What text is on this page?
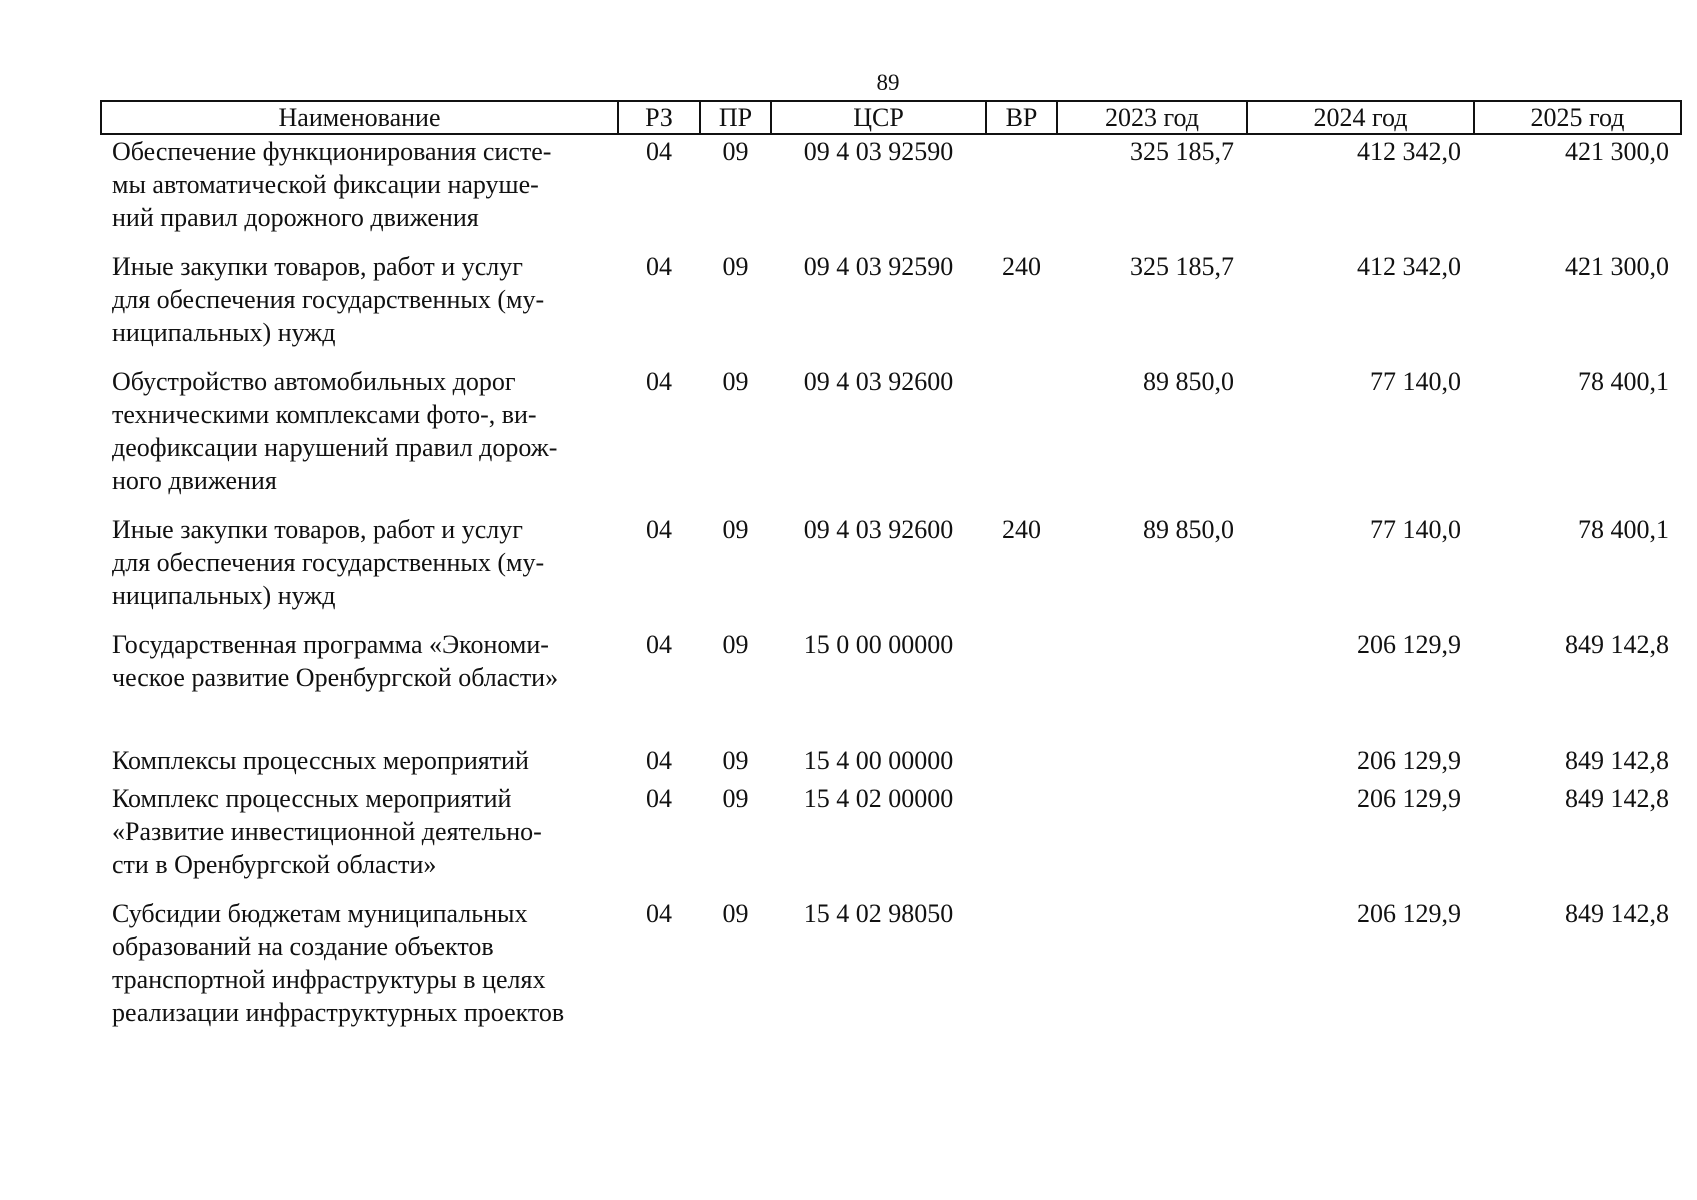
89
Наименование	РЗ	ПР	ЦСР	ВР	2023 год	2024 год	2025 год

Обеспечение функционирования систе-
мы автоматической фиксации наруше-
ний правил дорожного движения	04	09	09 4 03 92590		325 185,7	412 342,0	421 300,0

Иные закупки товаров, работ и услуг
для обеспечения государственных (му-
ниципальных) нужд	04	09	09 4 03 92590	240	325 185,7	412 342,0	421 300,0

Обустройство автомобильных дорог
техническими комплексами фото-, ви-
деофиксации нарушений правил дорож-
ного движения	04	09	09 4 03 92600		89 850,0	77 140,0	78 400,1

Иные закупки товаров, работ и услуг
для обеспечения государственных (му-
ниципальных) нужд	04	09	09 4 03 92600	240	89 850,0	77 140,0	78 400,1

Государственная программа «Экономи-
ческое развитие Оренбургской области»	04	09	15 0 00 00000			206 129,9	849 142,8

Комплексы процессных мероприятий	04	09	15 4 00 00000			206 129,9	849 142,8

Комплекс процессных мероприятий
«Развитие инвестиционной деятельно-
сти в Оренбургской области»	04	09	15 4 02 00000			206 129,9	849 142,8

Субсидии бюджетам муниципальных
образований на создание объектов
транспортной инфраструктуры в целях
реализации инфраструктурных проектов	04	09	15 4 02 98050			206 129,9	849 142,8
